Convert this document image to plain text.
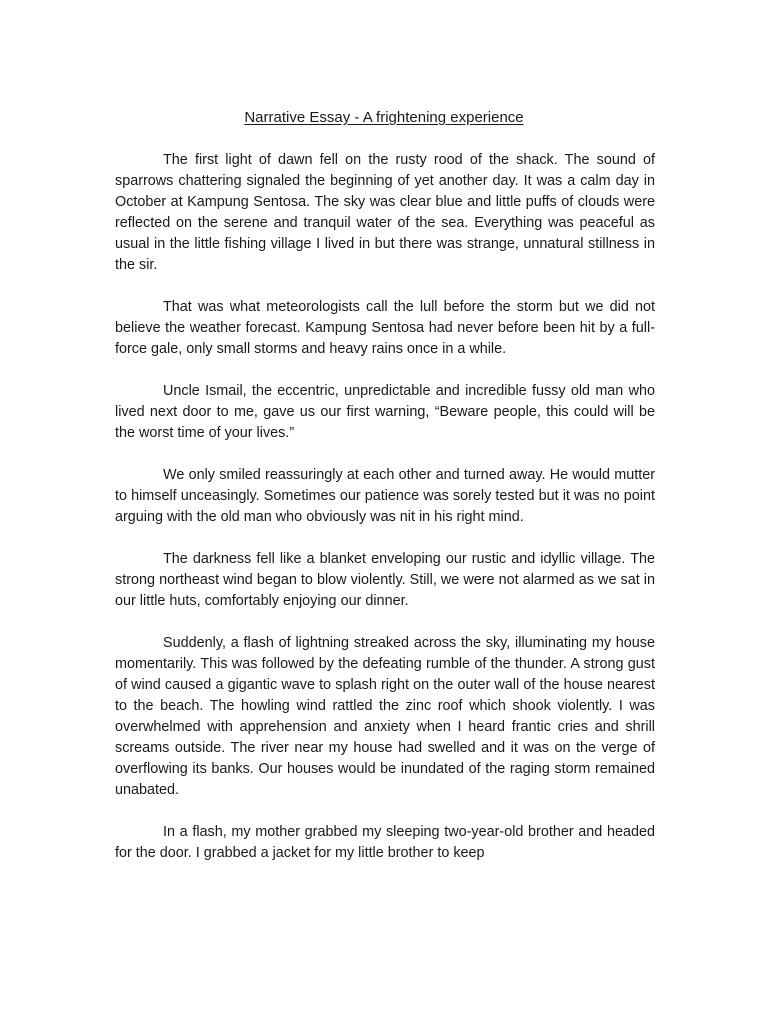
Narrative Essay - A frightening experience

The first light of dawn fell on the rusty rood of the shack. The sound of sparrows chattering signaled the beginning of yet another day. It was a calm day in October at Kampung Sentosa. The sky was clear blue and little puffs of clouds were reflected on the serene and tranquil water of the sea. Everything was peaceful as usual in the little fishing village I lived in but there was strange, unnatural stillness in the sir.

That was what meteorologists call the lull before the storm but we did not believe the weather forecast. Kampung Sentosa had never before been hit by a full-force gale, only small storms and heavy rains once in a while.

Uncle Ismail, the eccentric, unpredictable and incredible fussy old man who lived next door to me, gave us our first warning, “Beware people, this could will be the worst time of your lives.”

We only smiled reassuringly at each other and turned away. He would mutter to himself unceasingly. Sometimes our patience was sorely tested but it was no point arguing with the old man who obviously was nit in his right mind.

The darkness fell like a blanket enveloping our rustic and idyllic village. The strong northeast wind began to blow violently. Still, we were not alarmed as we sat in our little huts, comfortably enjoying our dinner.

Suddenly, a flash of lightning streaked across the sky, illuminating my house momentarily. This was followed by the defeating rumble of the thunder. A strong gust of wind caused a gigantic wave to splash right on the outer wall of the house nearest to the beach. The howling wind rattled the zinc roof which shook violently. I was overwhelmed with apprehension and anxiety when I heard frantic cries and shrill screams outside. The river near my house had swelled and it was on the verge of overflowing its banks. Our houses would be inundated of the raging storm remained unabated.

In a flash, my mother grabbed my sleeping two-year-old brother and headed for the door. I grabbed a jacket for my little brother to keep
